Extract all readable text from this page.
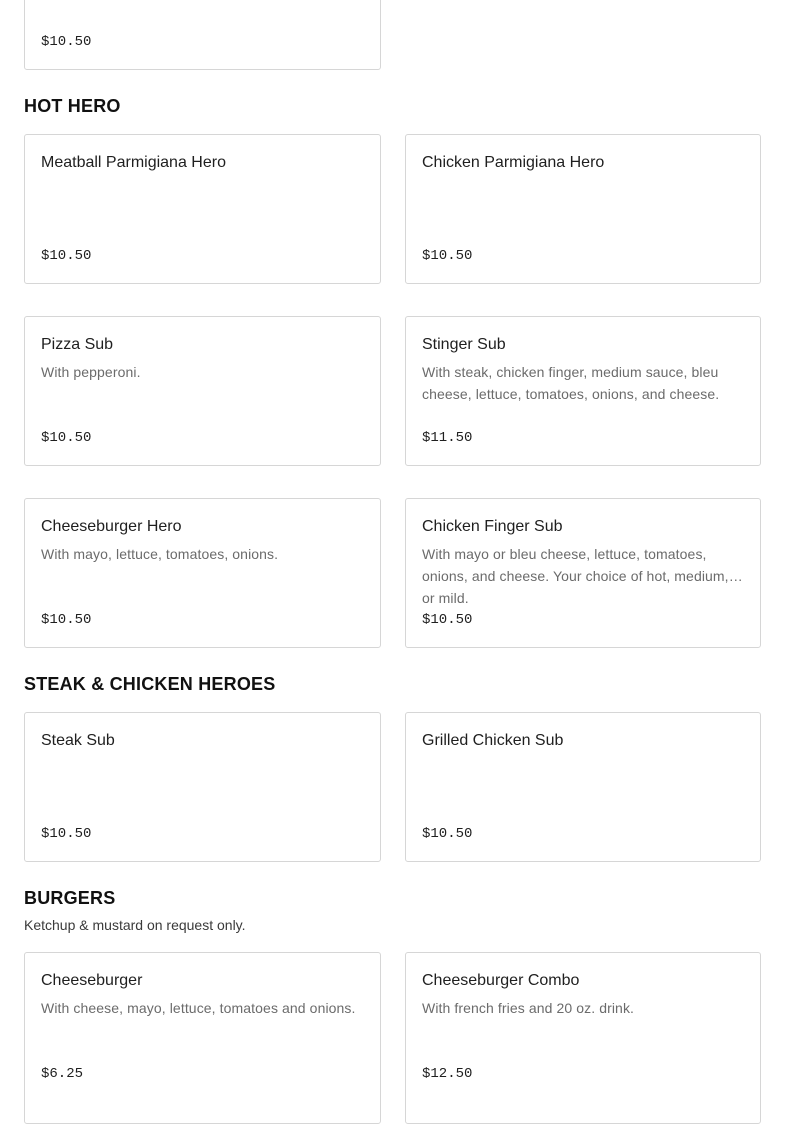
$10.50
HOT HERO
Meatball Parmigiana Hero
$10.50
Chicken Parmigiana Hero
$10.50
Pizza Sub
With pepperoni.
$10.50
Stinger Sub
With steak, chicken finger, medium sauce, bleu cheese, lettuce, tomatoes, onions, and cheese.
$11.50
Cheeseburger Hero
With mayo, lettuce, tomatoes, onions.
$10.50
Chicken Finger Sub
With mayo or bleu cheese, lettuce, tomatoes, onions, and cheese. Your choice of hot, medium, or mild.
$10.50
STEAK & CHICKEN HEROES
Steak Sub
$10.50
Grilled Chicken Sub
$10.50
BURGERS
Ketchup & mustard on request only.
Cheeseburger
With cheese, mayo, lettuce, tomatoes and onions.
$6.25
Cheeseburger Combo
With french fries and 20 oz. drink.
$12.50
